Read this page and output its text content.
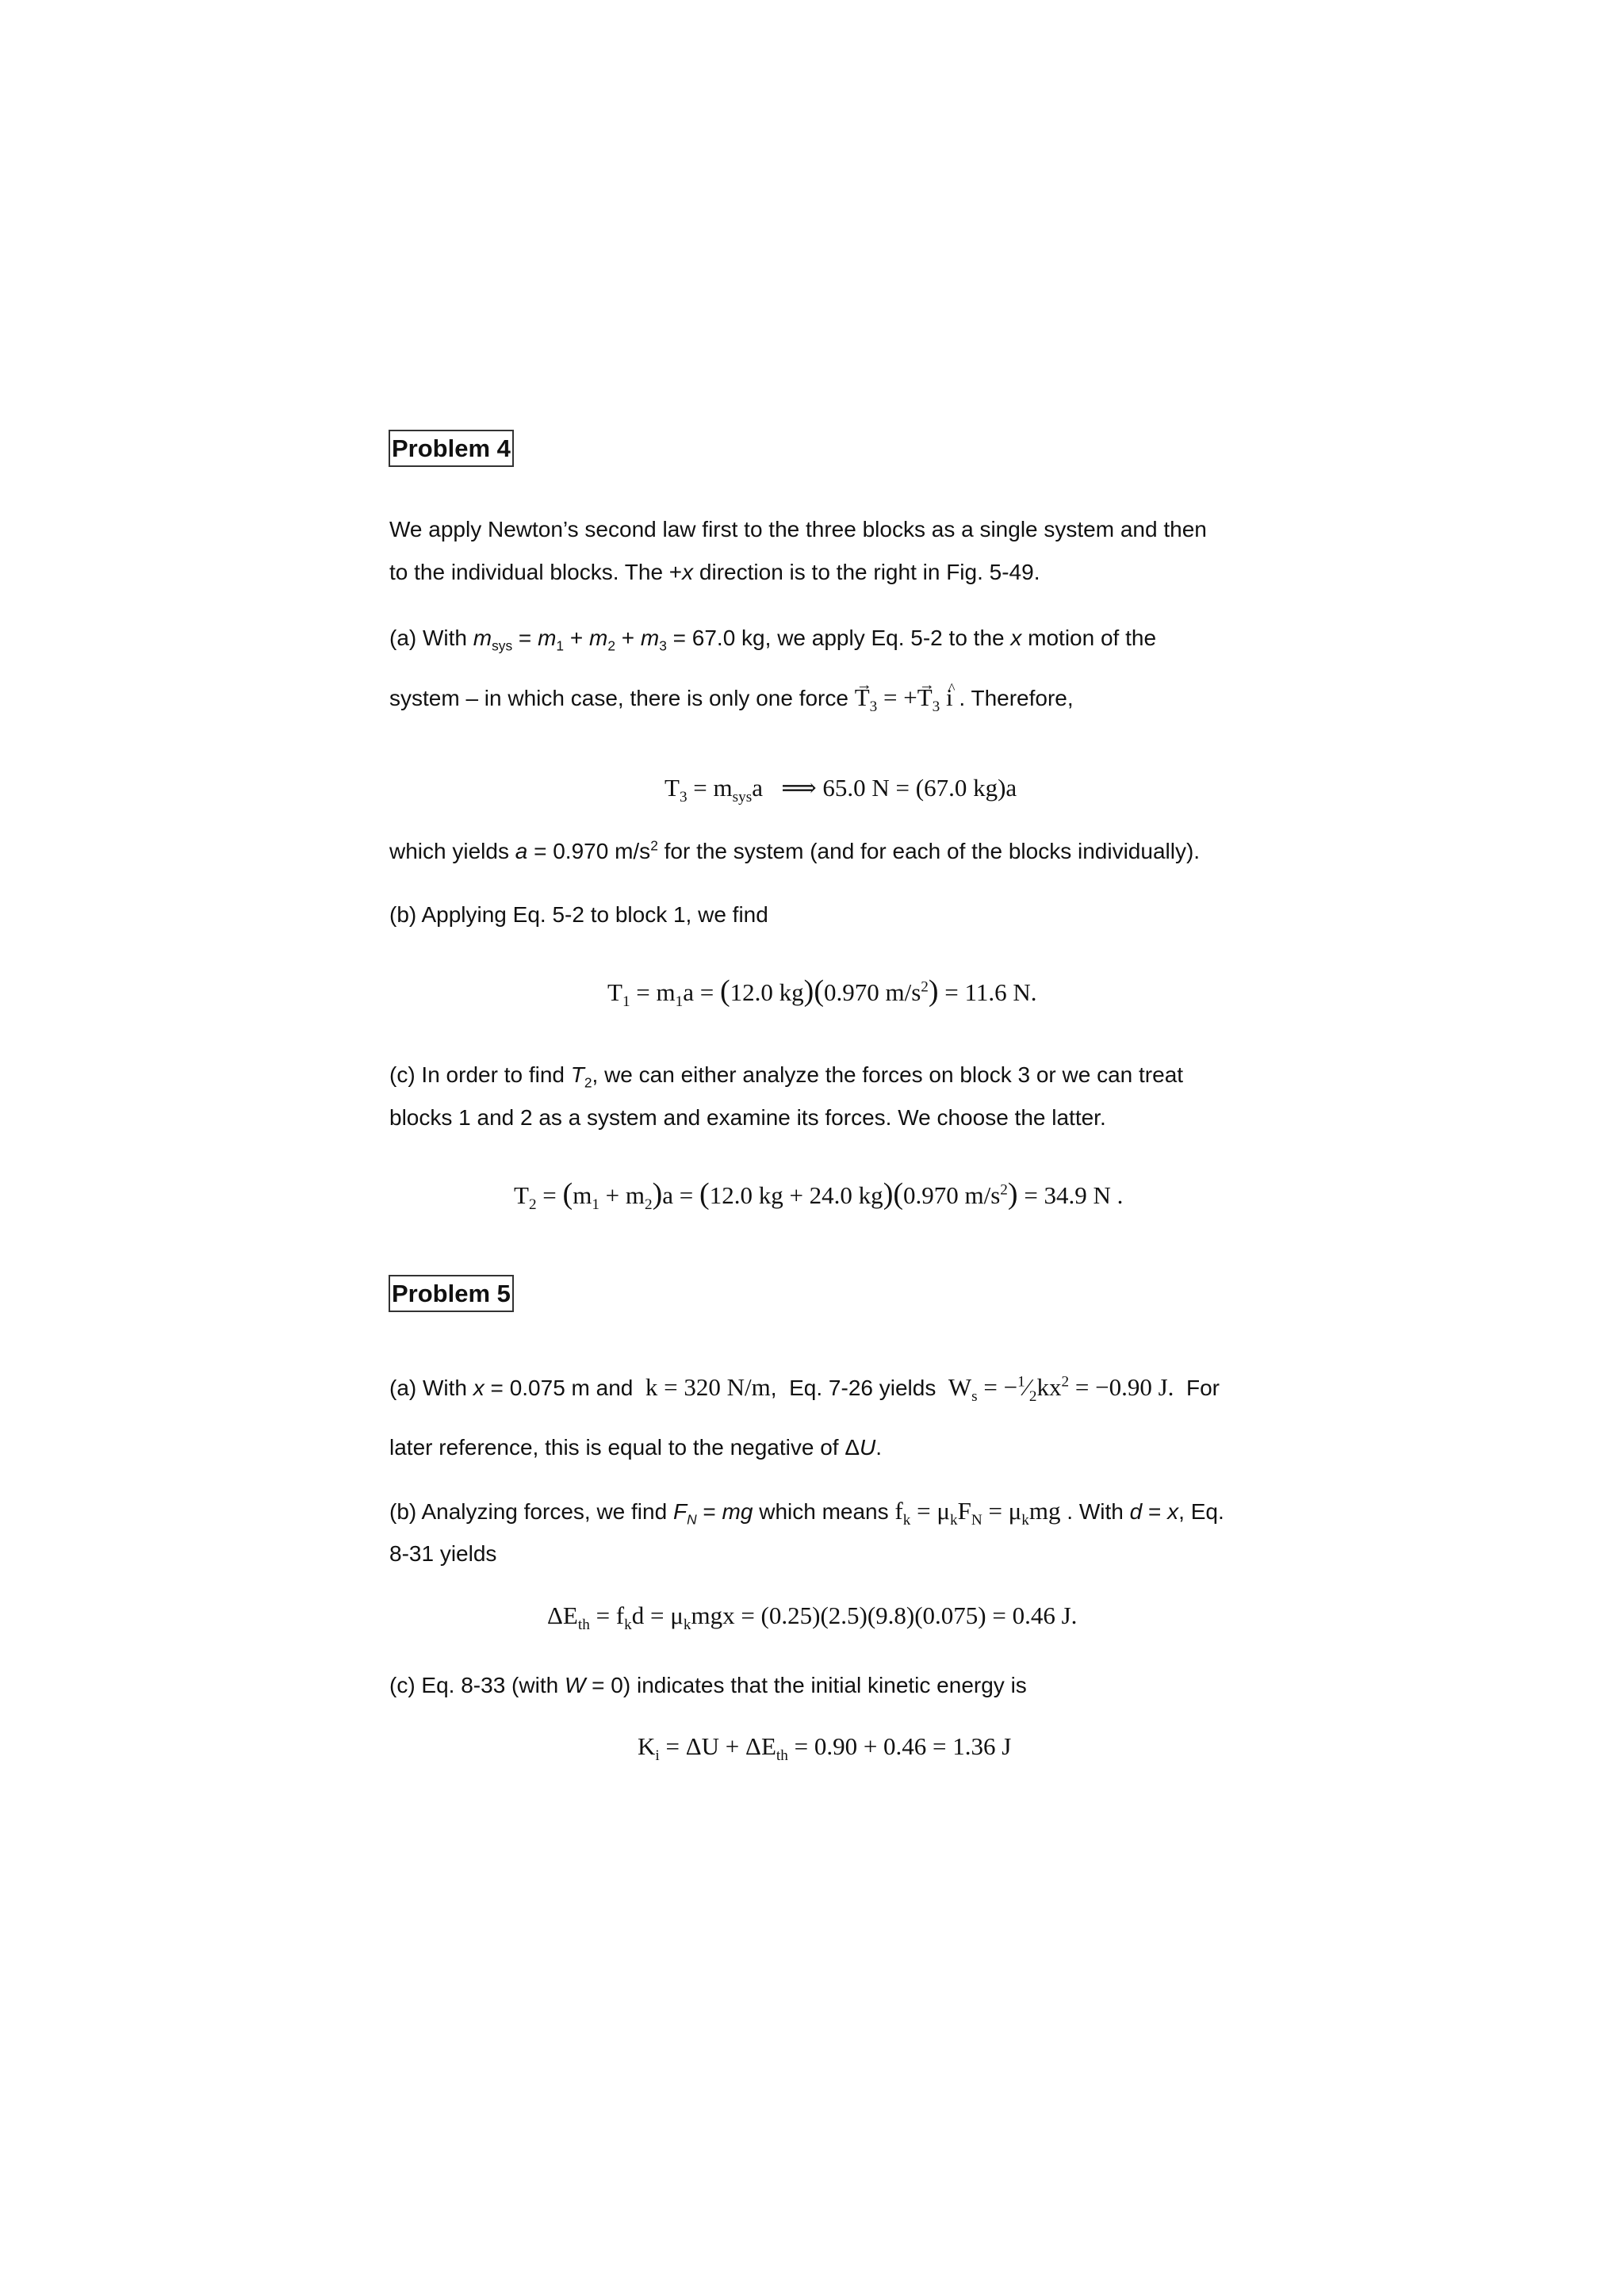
Problem 4
We apply Newton’s second law first to the three blocks as a single system and then
to the individual blocks. The +x direction is to the right in Fig. 5-49.
(a) With $m_{sys} = m_1 + m_2 + m_3 = 67.0$ kg, we apply Eq. 5-2 to the x motion of the
system – in which case, there is only one force → $T_3$ = +→ $T_3$ ^ i . Therefore,
$T_3 = m_{sys}a$   ⟹ 65.0 N = (67.0 kg)a
which yields a = 0.970 $m/s^2$ for the system (and for each of the blocks individually).
(b) Applying Eq. 5-2 to block 1, we find
$T_1 = m_1a = (12.0$ kg)(0.970 $m/s^2) = 11.6$ N.
(c) In order to find $T_2$, we can either analyze the forces on block 3 or we can treat
blocks 1 and 2 as a system and examine its forces. We choose the latter.
$T_2 = (m_1 + m_2)a = (12.0$ kg + 24.0 kg)(0.970 $m/s^2) = 34.9$ N .
Problem 5
(a) With x = 0.075 m and  k = 320 N/m,  Eq. 7-26 yields  $W_s$ = $-^1⁄_2kx^2 = -0.90$ J.  For
later reference, this is equal to the negative of ΔU.
(b) Analyzing forces, we find $F_N$ = mg which means $f_k = \mu_kF_N = \mu_kmg$ . With d = x, Eq.
8-31 yields
$\Delta E_{th} = f_kd = \mu_kmgx = (0.25)(2.5)(9.8)(0.075) = 0.46$ J.
(c) Eq. 8-33 (with W = 0) indicates that the initial kinetic energy is
$K_i = \Delta U + \Delta E_{th} = 0.90 + 0.46 = 1.36$ J
